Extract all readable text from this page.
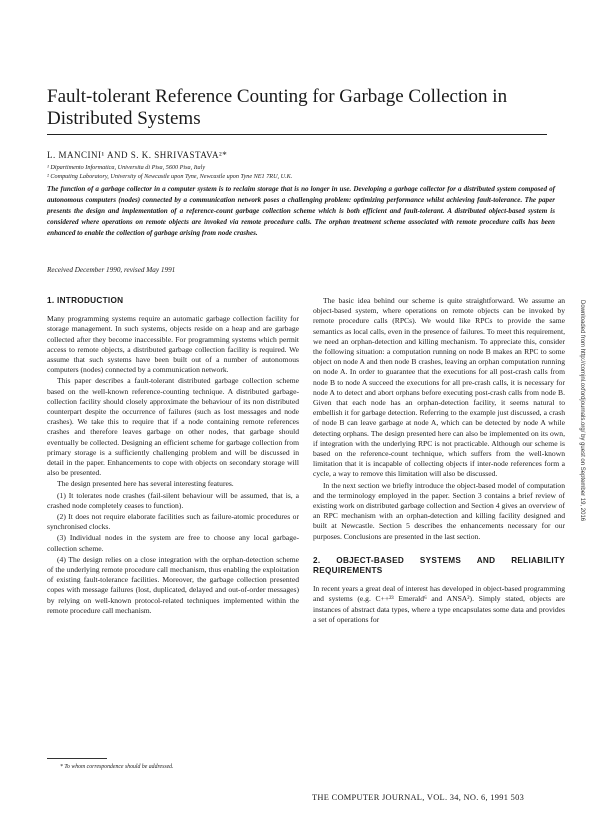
Fault-tolerant Reference Counting for Garbage Collection in Distributed Systems
L. MANCINI¹ AND S. K. SHRIVASTAVA²*
¹ Dipartimento Informatica, Universita di Pisa, 5600 Pisa, Italy
² Computing Laboratory, University of Newcastle upon Tyne, Newcastle upon Tyne NE1 7RU, U.K.

The function of a garbage collector in a computer system is to reclaim storage that is no longer in use. Developing a garbage collector for a distributed system composed of autonomous computers (nodes) connected by a communication network poses a challenging problem: optimizing performance whilst achieving fault-tolerance. The paper presents the design and implementation of a reference-count garbage collection scheme which is both efficient and fault-tolerant. A distributed object-based system is considered where operations on remote objects are invoked via remote procedure calls. The orphan treatment scheme associated with remote procedure calls has been enhanced to enable the collection of garbage arising from node crashes.

Received December 1990, revised May 1991
1. INTRODUCTION

Many programming systems require an automatic garbage collection facility for storage management. In such systems, objects reside on a heap and are garbage collected after they become inaccessible. For programming systems which permit access to remote objects, a distributed garbage collection facility is required. We assume that such systems have been built out of a number of autonomous computers (nodes) connected by a communication network.

This paper describes a fault-tolerant distributed garbage collection scheme based on the well-known reference-counting technique. A distributed garbage-collection facility should closely approximate the behaviour of its non distributed counterpart despite the occurrence of failures (such as lost messages and node crashes). We take this to require that if a node containing remote references crashes and therefore leaves garbage on other nodes, that garbage should eventually be collected. Designing an efficient scheme for garbage collection from primary storage is a sufficiently challenging problem and will be discussed in detail in the paper. Enhancements to cope with objects on secondary storage will also be presented.

The design presented here has several interesting features.

(1) It tolerates node crashes (fail-silent behaviour will be assumed, that is, a crashed node completely ceases to function).

(2) It does not require elaborate facilities such as failure-atomic procedures or synchronised clocks.

(3) Individual nodes in the system are free to choose any local garbage-collection scheme.

(4) The design relies on a close integration with the orphan-detection scheme of the underlying remote procedure call mechanism, thus enabling the exploitation of existing fault-tolerance facilities. Moreover, the garbage collection presented copes with message failures (lost, duplicated, delayed and out-of-order messages) by relying on well-known protocol-related techniques implemented within the remote procedure call mechanism.

* To whom correspondence should be addressed.

The basic idea behind our scheme is quite straightforward. We assume an object-based system, where operations on remote objects can be invoked by remote procedure calls (RPCs). We would like RPCs to provide the same semantics as local calls, even in the presence of failures. To meet this requirement, we need an orphan-detection and killing mechanism. To appreciate this, consider the following situation: a computation running on node B makes an RPC to some object on node A and then node B crashes, leaving an orphan computation running on node A. In order to guarantee that the executions for all post-crash calls from node B to node A succeed the executions for all pre-crash calls, it is necessary for node A to detect and abort orphans before executing post-crash calls from node B. Given that each node has an orphan-detection facility, it seems natural to embellish it for garbage detection. Referring to the example just discussed, a crash of node B can leave garbage at node A, which can be detected by node A while detecting orphans. The design presented here can also be implemented on its own, if integration with the underlying RPC is not practicable. Although our scheme is based on the reference-count technique, which suffers from the well-known limitation that it is incapable of collecting objects if inter-node references form a cycle, a way to remove this limitation will also be discussed.

In the next section we briefly introduce the object-based model of computation and the terminology employed in the paper. Section 3 contains a brief review of existing work on distributed garbage collection and Section 4 gives an overview of an RPC mechanism with an orphan-detection and killing facility designed and built at Newcastle. Section 5 describes the enhancements necessary for our purposes. Conclusions are presented in the last section.

2. OBJECT-BASED SYSTEMS AND RELIABILITY REQUIREMENTS

In recent years a great deal of interest has developed in object-based programming and systems (e.g. C++²³ Emerald⁶ and ANSA²). Simply stated, objects are instances of abstract data types, where a type encapsulates some data and provides a set of operations for

THE COMPUTER JOURNAL, VOL. 34, NO. 6, 1991 503
Downloaded from http://comjnl.oxfordjournals.org/ by guest on September 19, 2016
